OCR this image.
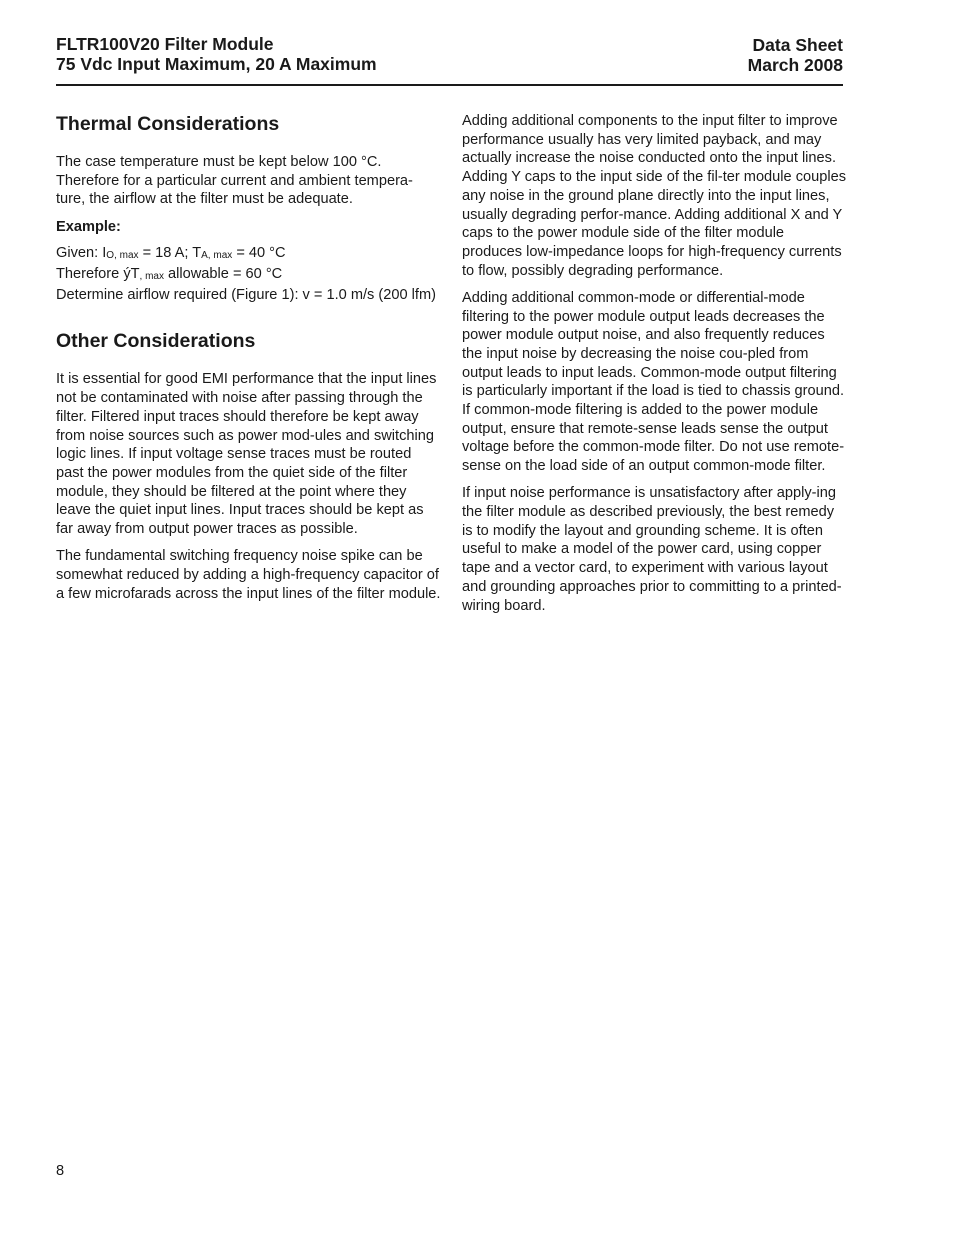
FLTR100V20 Filter Module
75 Vdc Input Maximum, 20 A Maximum
Data Sheet
March 2008
Thermal Considerations

The case temperature must be kept below 100 °C. Therefore for a particular current and ambient tempera-ture, the airflow at the filter must be adequate.

Example:

Given: $I_{O, max} = 18$ A; $T_{A, max} = 40$ °C
Therefore $ýT_{, max}$ allowable = 60 °C
Determine airflow required (Figure 1): v = 1.0 m/s (200 lfm)
Other Considerations

It is essential for good EMI performance that the input lines not be contaminated with noise after passing through the filter. Filtered input traces should therefore be kept away from noise sources such as power mod-ules and switching logic lines. If input voltage sense traces must be routed past the power modules from the quiet side of the filter module, they should be filtered at the point where they leave the quiet input lines. Input traces should be kept as far away from output power traces as possible.

The fundamental switching frequency noise spike can be somewhat reduced by adding a high-frequency capacitor of a few microfarads across the input lines of the filter module.

Adding additional components to the input filter to improve performance usually has very limited payback, and may actually increase the noise conducted onto the input lines. Adding Y caps to the input side of the fil-ter module couples any noise in the ground plane directly into the input lines, usually degrading perfor-mance. Adding additional X and Y caps to the power module side of the filter module produces low-impedance loops for high-frequency currents to flow, possibly degrading performance.

Adding additional common-mode or differential-mode filtering to the power module output leads decreases the power module output noise, and also frequently reduces the input noise by decreasing the noise cou-pled from output leads to input leads. Common-mode output filtering is particularly important if the load is tied to chassis ground. If common-mode filtering is added to the power module output, ensure that remote-sense leads sense the output voltage before the common-mode filter. Do not use remote-sense on the load side of an output common-mode filter.

If input noise performance is unsatisfactory after apply-ing the filter module as described previously, the best remedy is to modify the layout and grounding scheme. It is often useful to make a model of the power card, using copper tape and a vector card, to experiment with various layout and grounding approaches prior to committing to a printed-wiring board.

8
